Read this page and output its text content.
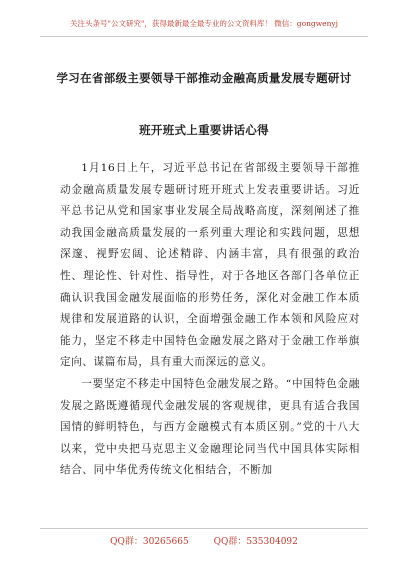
关注头条号"公文研究"，获得最新最全最专业的公文资料库！ 微信：gongwenyj
学习在省部级主要领导干部推动金融高质量发展专题研讨
班开班式上重要讲话心得

1月16日上午，习近平总书记在省部级主要领导干部推动金融高质量发展专题研讨班开班式上发表重要讲话。习近平总书记从党和国家事业发展全局战略高度，深刻阐述了推动我国金融高质量发展的一系列重大理论和实践问题，思想深邃、视野宏阔、论述精辟、内涵丰富，具有很强的政治性、理论性、针对性、指导性，对于各地区各部门各单位正确认识我国金融发展面临的形势任务，深化对金融工作本质规律和发展道路的认识，全面增强金融工作本领和风险应对能力，坚定不移走中国特色金融发展之路对于金融工作举旗定向、谋篇布局，具有重大而深远的意义。

一要坚定不移走中国特色金融发展之路。“中国特色金融发展之路既遵循现代金融发展的客观规律，更具有适合我国国情的鲜明特色，与西方金融模式有本质区别。”党的十八大以来，党中央把马克思主义金融理论同当代中国具体实际相结合、同中华优秀传统文化相结合，不断加

QQ群：30265665	QQ群：535304092
